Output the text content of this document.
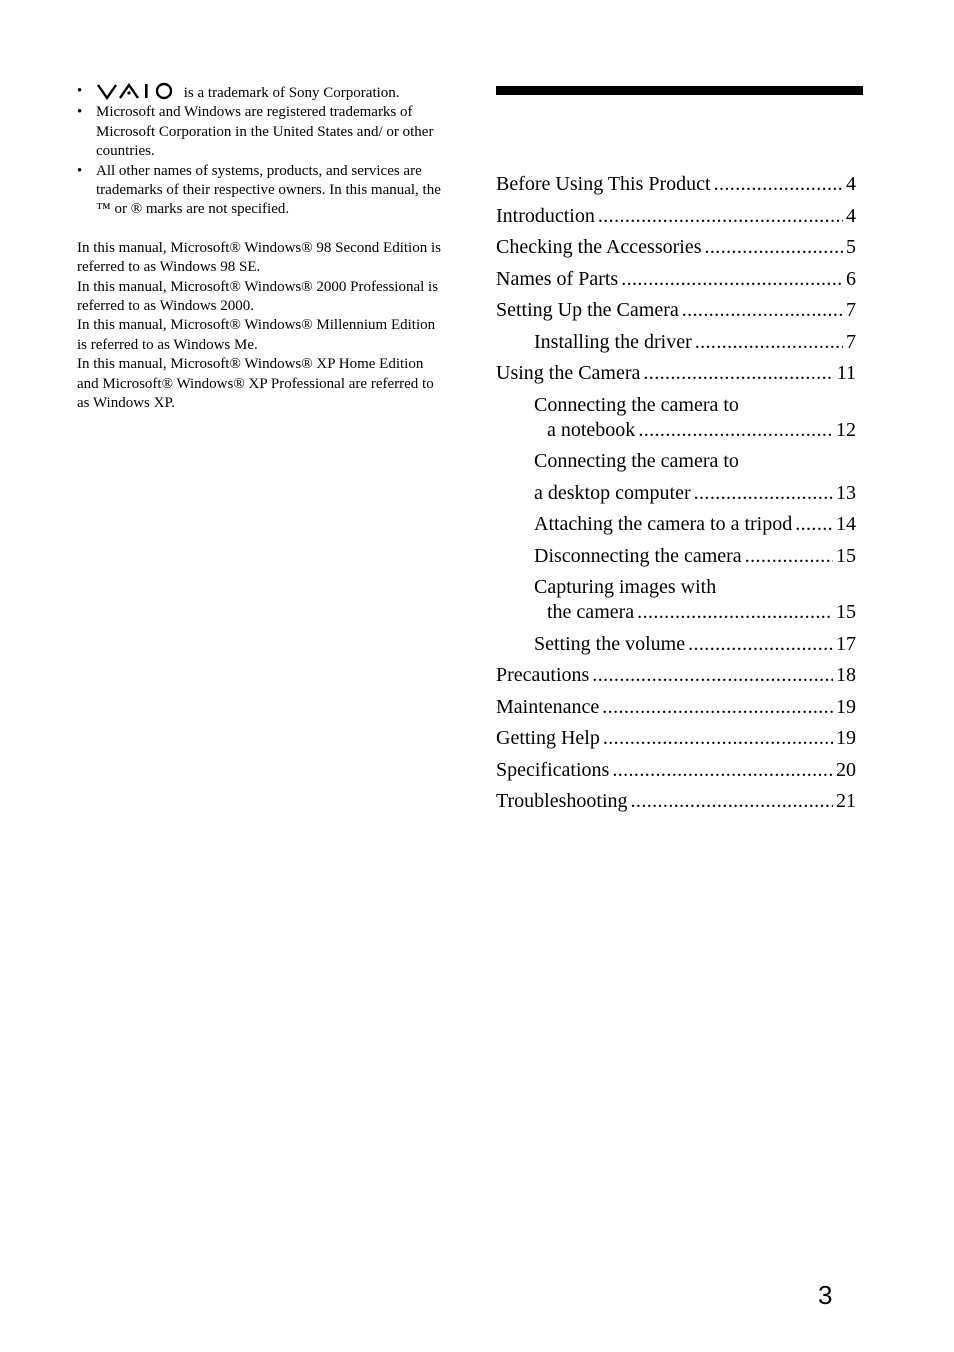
•	is a trademark of Sony Corporation.
• Microsoft and Windows are registered trademarks of Microsoft Corporation in the United States and/ or other countries.
• All other names of systems, products, and services are trademarks of their respective owners. In this manual, the ™ or ® marks are not specified.

In this manual, Microsoft® Windows® 98 Second Edition is referred to as Windows 98 SE.

In this manual, Microsoft® Windows® 2000 Professional is referred to as Windows 2000.

In this manual, Microsoft® Windows® Millennium Edition is referred to as Windows Me.

In this manual, Microsoft® Windows® XP Home Edition and Microsoft® Windows® XP Professional are referred to as Windows XP.

Before Using This Product . . .	4
Introduction . . .	4
Checking the Accessories . . .	5
Names of Parts . . .	6
Setting Up the Camera . . .	7
Installing the driver . . .	7
Using the Camera . . .	11
Connecting the camera to
a notebook . . .	12
Connecting the camera to
a desktop computer . . .	13
Attaching the camera to a tripod . . . 14
Disconnecting the camera . . .	15
Capturing images with
the camera . . .	15
Setting the volume . . .	17
Precautions . . .	18
Maintenance . . .	19
Getting Help . . .	19
Specifications . . .	20
Troubleshooting . . .	21
3
